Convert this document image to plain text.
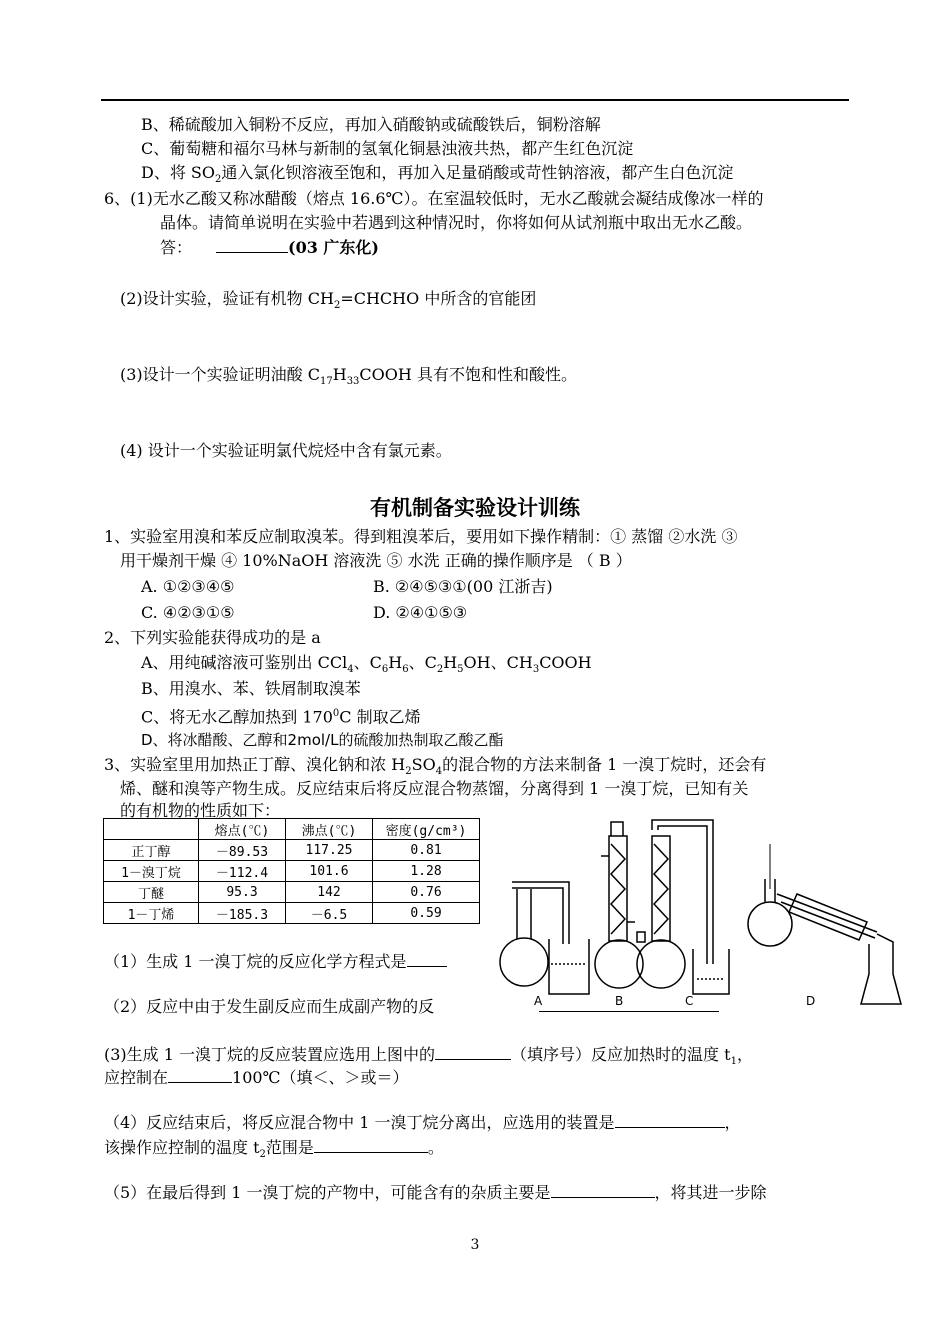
B、稀硫酸加入铜粉不反应，再加入硝酸钠或硫酸铁后，铜粉溶解
C、葡萄糖和福尔马林与新制的氢氧化铜悬浊液共热，都产生红色沉淀
D、将 $SO_2$通入氯化钡溶液至饱和，再加入足量硝酸或苛性钠溶液，都产生白色沉淀
6、(1)无水乙酸又称冰醋酸（熔点 16.6℃）。在室温较低时，无水乙酸就会凝结成像冰一样的
晶体。请简单说明在实验中若遇到这种情况时，你将如何从试剂瓶中取出无水乙酸。
答：	(03 广东化)
(2)设计实验，验证有机物 $CH_2=CHCHO$ 中所含的官能团
(3)设计一个实验证明油酸 $C_{17}H_{33}COOH$ 具有不饱和性和酸性。
(4) 设计一个实验证明氯代烷烃中含有氯元素。
有机制备实验设计训练
1、实验室用溴和苯反应制取溴苯。得到粗溴苯后，要用如下操作精制：① 蒸馏 ②水洗 ③
用干燥剂干燥 ④ 10%NaOH 溶液洗 ⑤ 水洗 正确的操作顺序是 （ B ）
A. ①②③④⑤	B. ②④⑤③①(00 江浙吉)
C. ④②③①⑤	D. ②④①⑤③
2、下列实验能获得成功的是 a
A、用纯碱溶液可鉴别出 CCl$_4$、$C_6H_6$、$C_2H_5OH$、$CH_3COOH$
B、用溴水、苯、铁屑制取溴苯
C、将无水乙醇加热到 $170^0C$ 制取乙烯
D、将冰醋酸、乙醇和2mol/L的硫酸加热制取乙酸乙酯
3、实验室里用加热正丁醇、溴化钠和浓 $H_2SO_4$的混合物的方法来制备 1 一溴丁烷时，还会有
烯、醚和溴等产物生成。反应结束后将反应混合物蒸馏，分离得到 1 一溴丁烷，已知有关
的有机物的性质如下：
	熔点(℃)	沸点(℃)	密度(g/cm³)
正丁醇	－89.53	117.25	0.81
1－溴丁烷	－112.4	101.6	1.28
丁醚	95.3	142	0.76
1－丁烯	－185.3	－6.5	0.59
A	B	C	D
（1）生成 1 一溴丁烷的反应化学方程式是
（2）反应中由于发生副反应而生成副产物的反
(3)生成 1 一溴丁烷的反应装置应选用上图中的	（填序号）反应加热时的温度 $t_1$，
应控制在	100℃（填＜、＞或＝）
（4）反应结束后，将反应混合物中 1 一溴丁烷分离出，应选用的装置是	，
该操作应控制的温度 $t_2$范围是	。
（5）在最后得到 1 一溴丁烷的产物中，可能含有的杂质主要是	，将其进一步除
3
